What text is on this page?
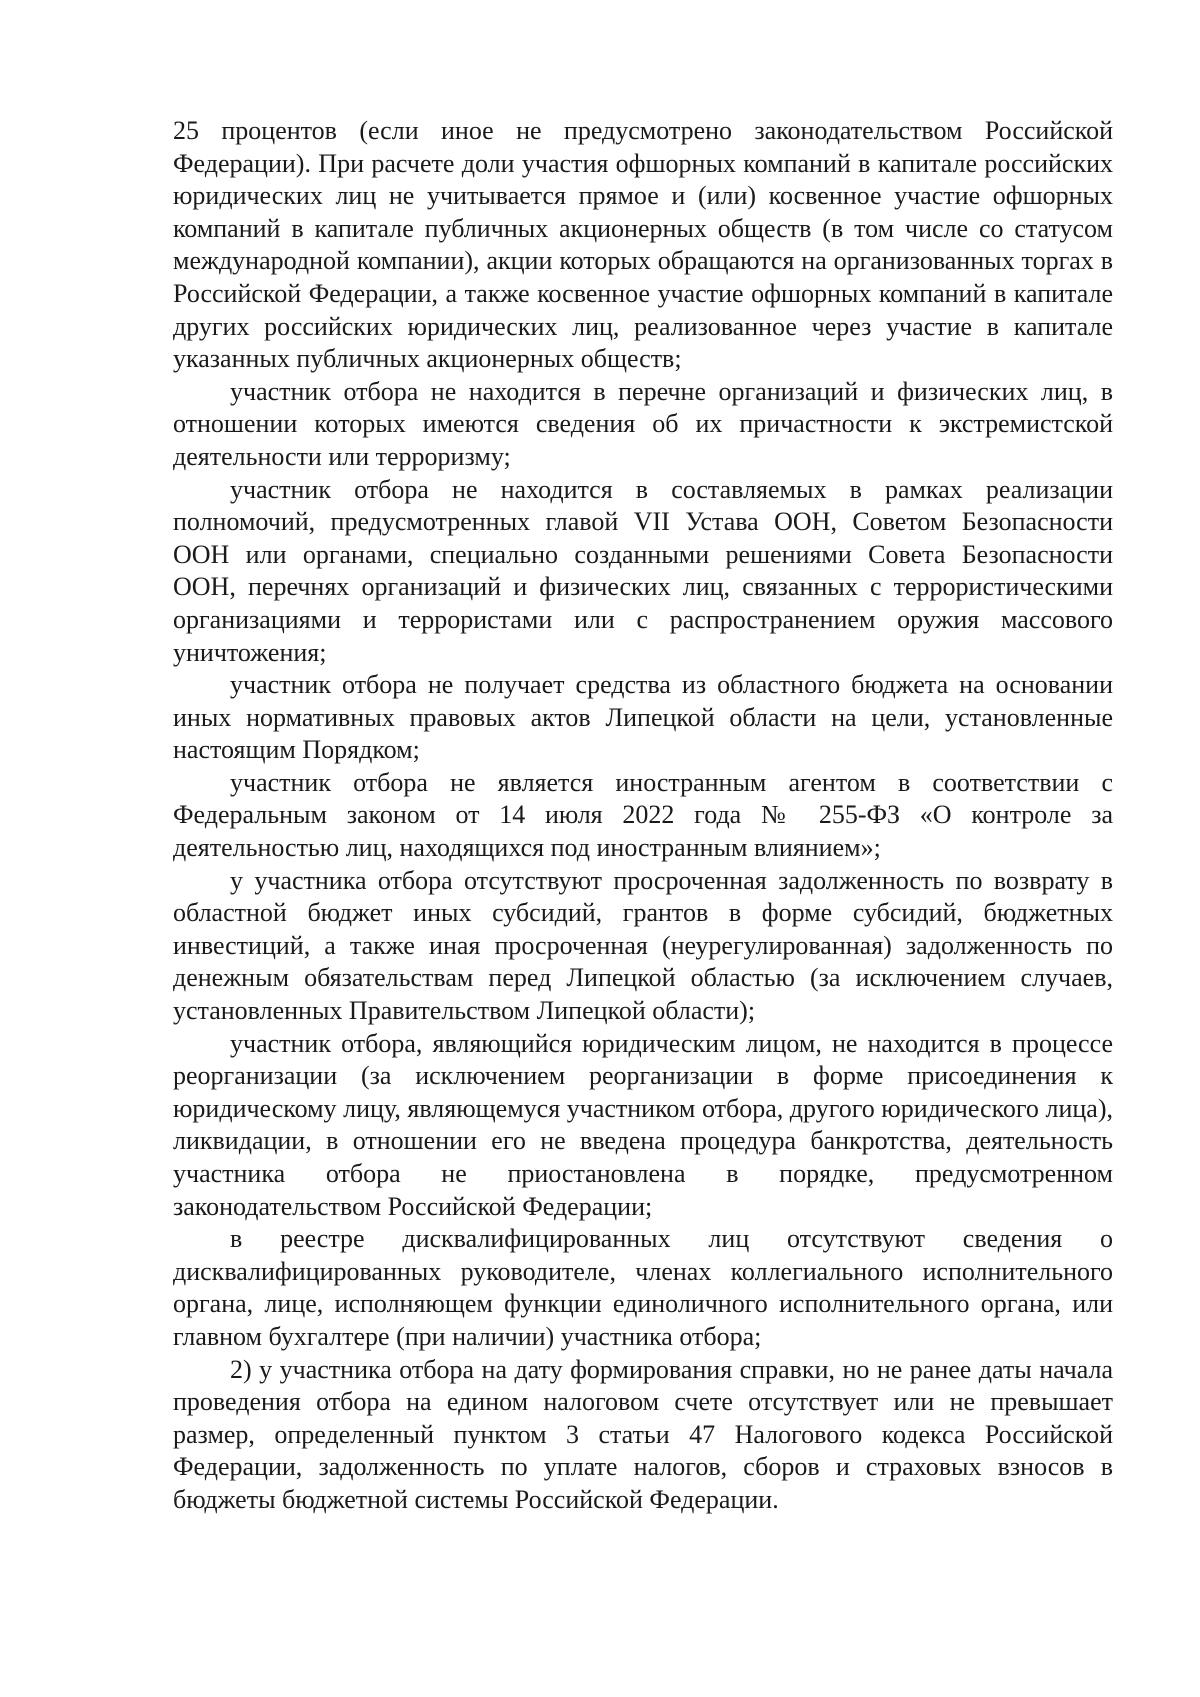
25 процентов (если иное не предусмотрено законодательством Российской Федерации). При расчете доли участия офшорных компаний в капитале российских юридических лиц не учитывается прямое и (или) косвенное участие офшорных компаний в капитале публичных акционерных обществ (в том числе со статусом международной компании), акции которых обращаются на организованных торгах в Российской Федерации, а также косвенное участие офшорных компаний в капитале других российских юридических лиц, реализованное через участие в капитале указанных публичных акционерных обществ;

участник отбора не находится в перечне организаций и физических лиц, в отношении которых имеются сведения об их причастности к экстремистской деятельности или терроризму;

участник отбора не находится в составляемых в рамках реализации полномочий, предусмотренных главой VII Устава ООН, Советом Безопасности ООН или органами, специально созданными решениями Совета Безопасности ООН, перечнях организаций и физических лиц, связанных с террористическими организациями и террористами или с распространением оружия массового уничтожения;

участник отбора не получает средства из областного бюджета на основании иных нормативных правовых актов Липецкой области на цели, установленные настоящим Порядком;

участник отбора не является иностранным агентом в соответствии с Федеральным законом от 14 июля 2022 года № 255-ФЗ «О контроле за деятельностью лиц, находящихся под иностранным влиянием»;

у участника отбора отсутствуют просроченная задолженность по возврату в областной бюджет иных субсидий, грантов в форме субсидий, бюджетных инвестиций, а также иная просроченная (неурегулированная) задолженность по денежным обязательствам перед Липецкой областью (за исключением случаев, установленных Правительством Липецкой области);

участник отбора, являющийся юридическим лицом, не находится в процессе реорганизации (за исключением реорганизации в форме присоединения к юридическому лицу, являющемуся участником отбора, другого юридического лица), ликвидации, в отношении его не введена процедура банкротства, деятельность участника отбора не приостановлена в порядке, предусмотренном законодательством Российской Федерации;

в реестре дисквалифицированных лиц отсутствуют сведения о дисквалифицированных руководителе, членах коллегиального исполнительного органа, лице, исполняющем функции единоличного исполнительного органа, или главном бухгалтере (при наличии) участника отбора;

2) у участника отбора на дату формирования справки, но не ранее даты начала проведения отбора на едином налоговом счете отсутствует или не превышает размер, определенный пунктом 3 статьи 47 Налогового кодекса Российской Федерации, задолженность по уплате налогов, сборов и страховых взносов в бюджеты бюджетной системы Российской Федерации.
